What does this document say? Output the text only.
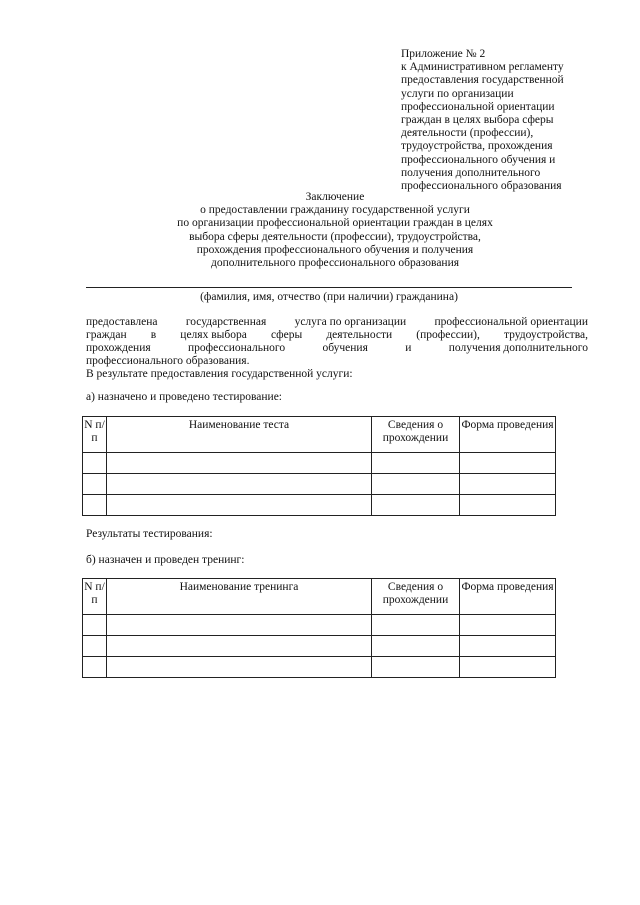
Приложение № 2
к Административном регламенту
предоставления государственной
услуги по организации
профессиональной ориентации
граждан в целях выбора сферы
деятельности (профессии),
трудоустройства, прохождения
профессионального обучения и
получения дополнительного
профессионального образования
Заключение
о предоставлении гражданину государственной услуги
по организации профессиональной ориентации граждан в целях
выбора сферы деятельности (профессии), трудоустройства,
прохождения профессионального обучения и получения
дополнительного профессионального образования
(фамилия, имя, отчество (при наличии) гражданина)
предоставлена государственная услуга по организации профессиональной ориентации
граждан в целях выбора сферы деятельности (профессии), трудоустройства,
прохождения	профессионального	обучения	и	получения дополнительного
профессионального образования.
В результате предоставления государственной услуги:
а) назначено и проведено тестирование:
N п/п	Наименование теста	Сведения о прохождении	Форма проведения

Результаты тестирования:
б) назначен и проведен тренинг:
N п/п	Наименование тренинга	Сведения о прохождении	Форма проведения
